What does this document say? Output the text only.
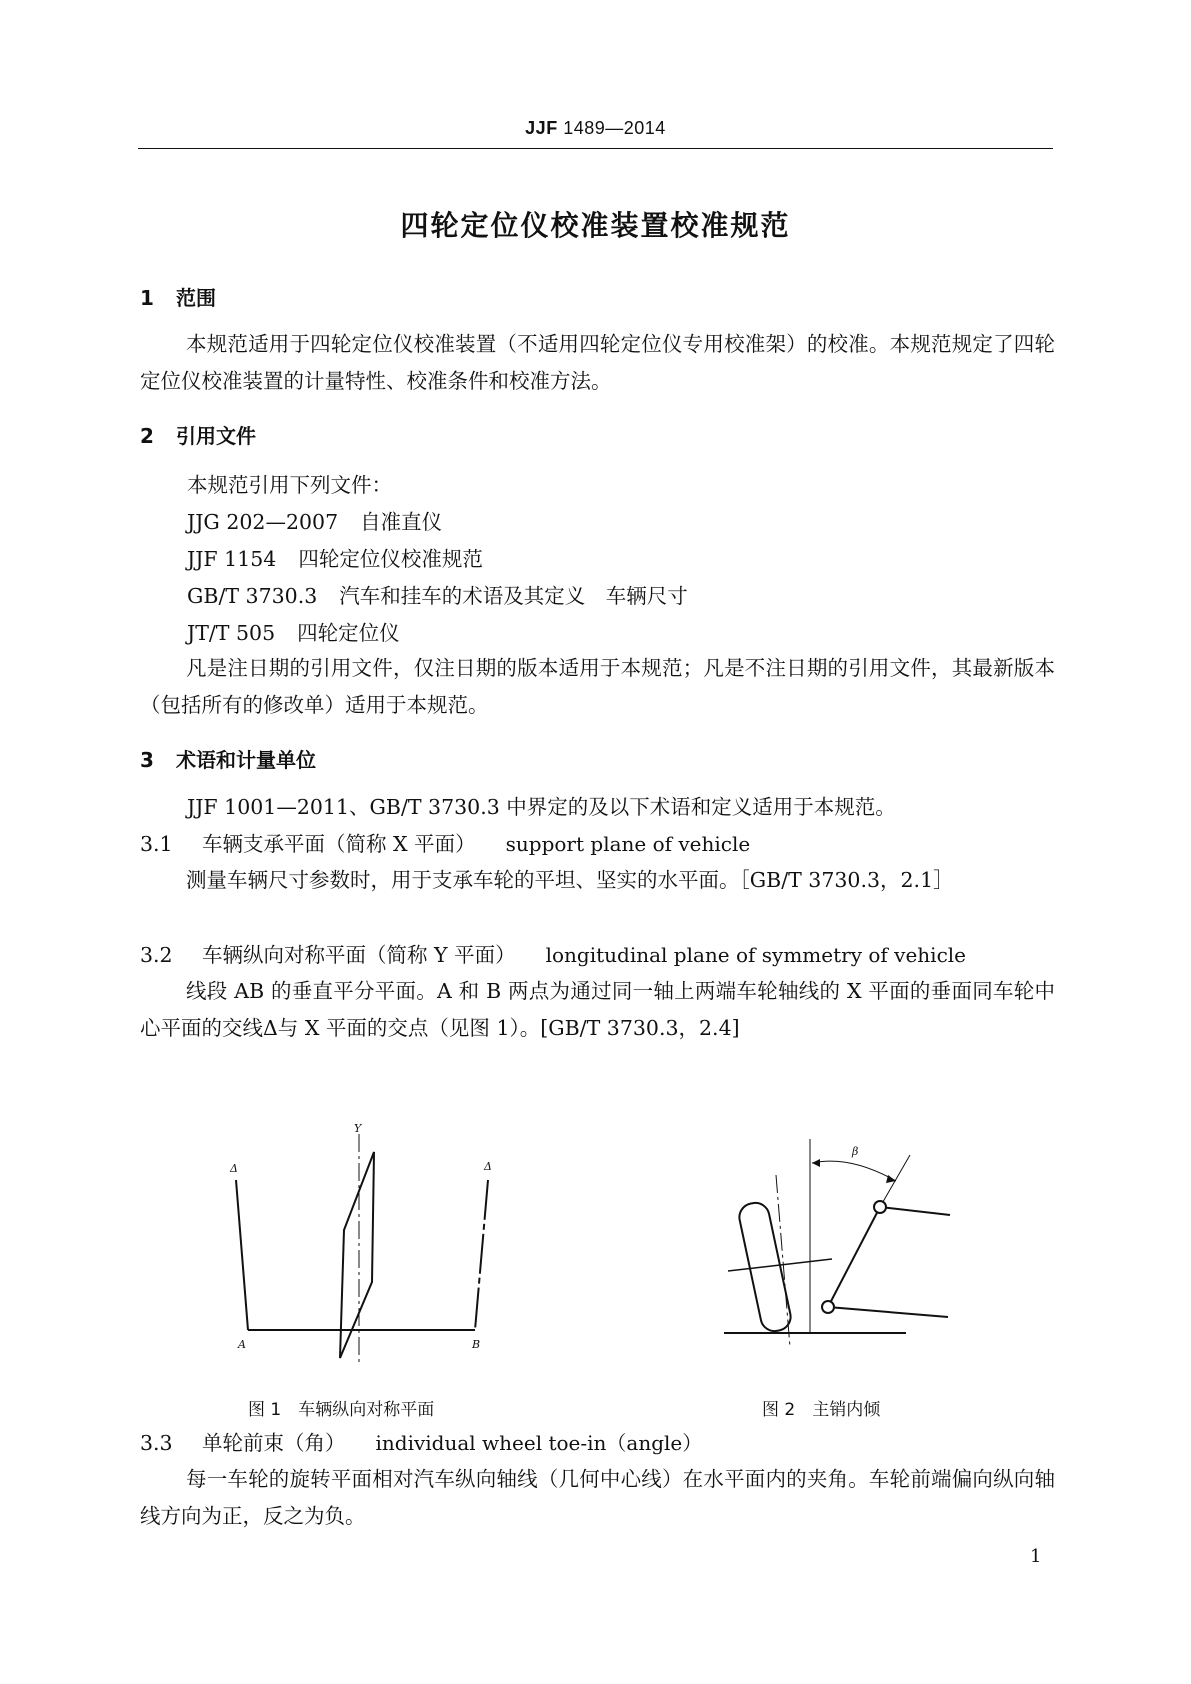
JJF 1489—2014
四轮定位仪校准装置校准规范
1 范围

本规范适用于四轮定位仪校准装置（不适用四轮定位仪专用校准架）的校准。本规范规定了四轮定位仪校准装置的计量特性、校准条件和校准方法。

2 引用文件
本规范引用下列文件：
JJG 202—2007 自准直仪
JJF 1154 四轮定位仪校准规范
GB/T 3730.3 汽车和挂车的术语及其定义　车辆尺寸
JT/T 505 四轮定位仪

凡是注日期的引用文件，仅注日期的版本适用于本规范；凡是不注日期的引用文件，其最新版本（包括所有的修改单）适用于本规范。

3 术语和计量单位
JJF 1001—2011、GB/T 3730.3 中界定的及以下术语和定义适用于本规范。
3.1 车辆支承平面（简称 X 平面） support plane of vehicle

测量车辆尺寸参数时，用于支承车轮的平坦、坚实的水平面。［GB/T 3730.3，2.1］

3.2 车辆纵向对称平面（简称 Y 平面） longitudinal plane of symmetry of vehicle

线段 AB 的垂直平分平面。A 和 B 两点为通过同一轴上两端车轮轴线的 X 平面的垂面同车轮中心平面的交线Δ与 X 平面的交点（见图 1）。[GB/T 3730.3，2.4]

Δ	Δ
Y
A	B
图 1　车辆纵向对称平面
β
图 2　主销内倾
3.3 单轮前束（角） individual wheel toe-in（angle）

每一车轮的旋转平面相对汽车纵向轴线（几何中心线）在水平面内的夹角。车轮前端偏向纵向轴线方向为正，反之为负。

1
